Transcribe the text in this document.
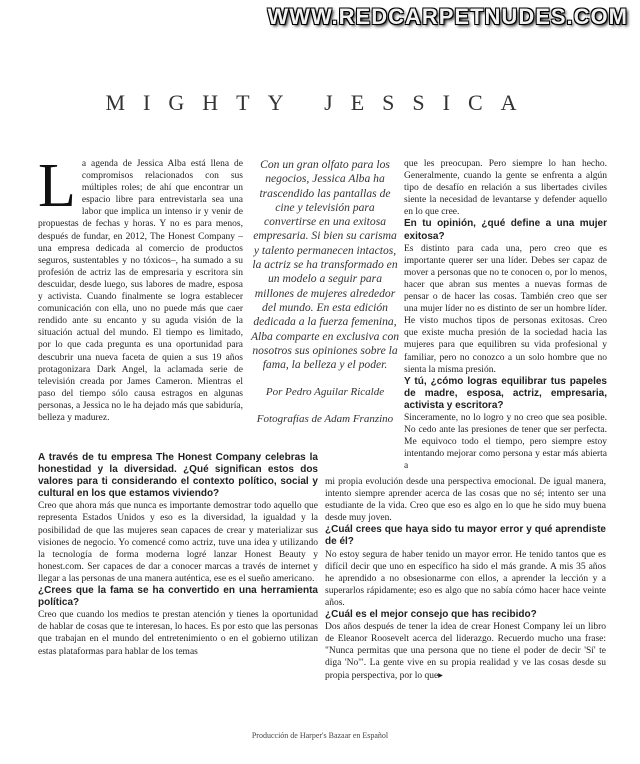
WWW.REDCARPETNUDES.COM
MIGHTY JESSICA
L a agenda de Jessica Alba está llena de compromisos relacionados con sus múltiples roles; de ahí que encontrar un espacio libre para entrevistarla sea una labor que implica un intenso ir y venir de propuestas de fechas y horas. Y no es para menos, después de fundar, en 2012, The Honest Company –una empresa dedicada al comercio de productos seguros, sustentables y no tóxicos–, ha sumado a su profesión de actriz las de empresaria y escritora sin descuidar, desde luego, sus labores de madre, esposa y activista. Cuando finalmente se logra establecer comunicación con ella, uno no puede más que caer rendido ante su encanto y su aguda visión de la situación actual del mundo. El tiempo es limitado, por lo que cada pregunta es una oportunidad para descubrir una nueva faceta de quien a sus 19 años protagonizara Dark Angel, la aclamada serie de televisión creada por James Cameron. Mientras el paso del tiempo sólo causa estragos en algunas personas, a Jessica no le ha dejado más que sabiduría, belleza y madurez.

Con un gran olfato para los negocios, Jessica Alba ha trascendido las pantallas de cine y televisión para convertirse en una exitosa empresaria. Si bien su carisma y talento permanecen intactos, la actriz se ha transformado en un modelo a seguir para millones de mujeres alrededor del mundo. En esta edición dedicada a la fuerza femenina, Alba comparte en exclusiva con nosotros sus opiniones sobre la fama, la belleza y el poder.
Por Pedro Aguilar Ricalde
Fotografías de Adam Franzino

que les preocupan. Pero siempre lo han hecho. Generalmente, cuando la gente se enfrenta a algún tipo de desafío en relación a sus libertades civiles siente la necesidad de levantarse y defender aquello en lo que cree.

En tu opinión, ¿qué define a una mujer exitosa?

Es distinto para cada una, pero creo que es importante querer ser una líder. Debes ser capaz de mover a personas que no te conocen o, por lo menos, hacer que abran sus mentes a nuevas formas de pensar o de hacer las cosas. También creo que ser una mujer líder no es distinto de ser un hombre líder. He visto muchos tipos de personas exitosas. Creo que existe mucha presión de la sociedad hacia las mujeres para que equilibren su vida profesional y familiar, pero no conozco a un solo hombre que no sienta la misma presión.

Y tú, ¿cómo logras equilibrar tus papeles de madre, esposa, actriz, empresaria, activista y escritora?

Sinceramente, no lo logro y no creo que sea posible. No cedo ante las presiones de tener que ser perfecta. Me equivoco todo el tiempo, pero siempre estoy intentando mejorar como persona y estar más abierta a

A través de tu empresa The Honest Company celebras la honestidad y la diversidad. ¿Qué significan estos dos valores para ti considerando el contexto político, social y cultural en los que estamos viviendo?

Creo que ahora más que nunca es importante demostrar todo aquello que representa Estados Unidos y eso es la diversidad, la igualdad y la posibilidad de que las mujeres sean capaces de crear y materializar sus visiones de negocio. Yo comencé como actriz, tuve una idea y utilizando la tecnología de forma moderna logré lanzar Honest Beauty y honest.com. Ser capaces de dar a conocer marcas a través de internet y llegar a las personas de una manera auténtica, ese es el sueño americano.

¿Crees que la fama se ha convertido en una herramienta política?

Creo que cuando los medios te prestan atención y tienes la oportunidad de hablar de cosas que te interesan, lo haces. Es por esto que las personas que trabajan en el mundo del entretenimiento o en el gobierno utilizan estas plataformas para hablar de los temas

mi propia evolución desde una perspectiva emocional. De igual manera, intento siempre aprender acerca de las cosas que no sé; intento ser una estudiante de la vida. Creo que eso es algo en lo que he sido muy buena desde muy joven.

¿Cuál crees que haya sido tu mayor error y qué aprendiste de él?

No estoy segura de haber tenido un mayor error. He tenido tantos que es difícil decir que uno en específico ha sido el más grande. A mis 35 años he aprendido a no obsesionarme con ellos, a aprender la lección y a superarlos rápidamente; eso es algo que no sabía cómo hacer hace veinte años.

¿Cuál es el mejor consejo que has recibido?

Dos años después de tener la idea de crear Honest Company leí un libro de Eleanor Roosevelt acerca del liderazgo. Recuerdo mucho una frase: "Nunca permitas que una persona que no tiene el poder de decir 'Sí' te diga 'No'". La gente vive en su propia realidad y ve las cosas desde su propia perspectiva, por lo que▸

Producción de Harper's Bazaar en Español
